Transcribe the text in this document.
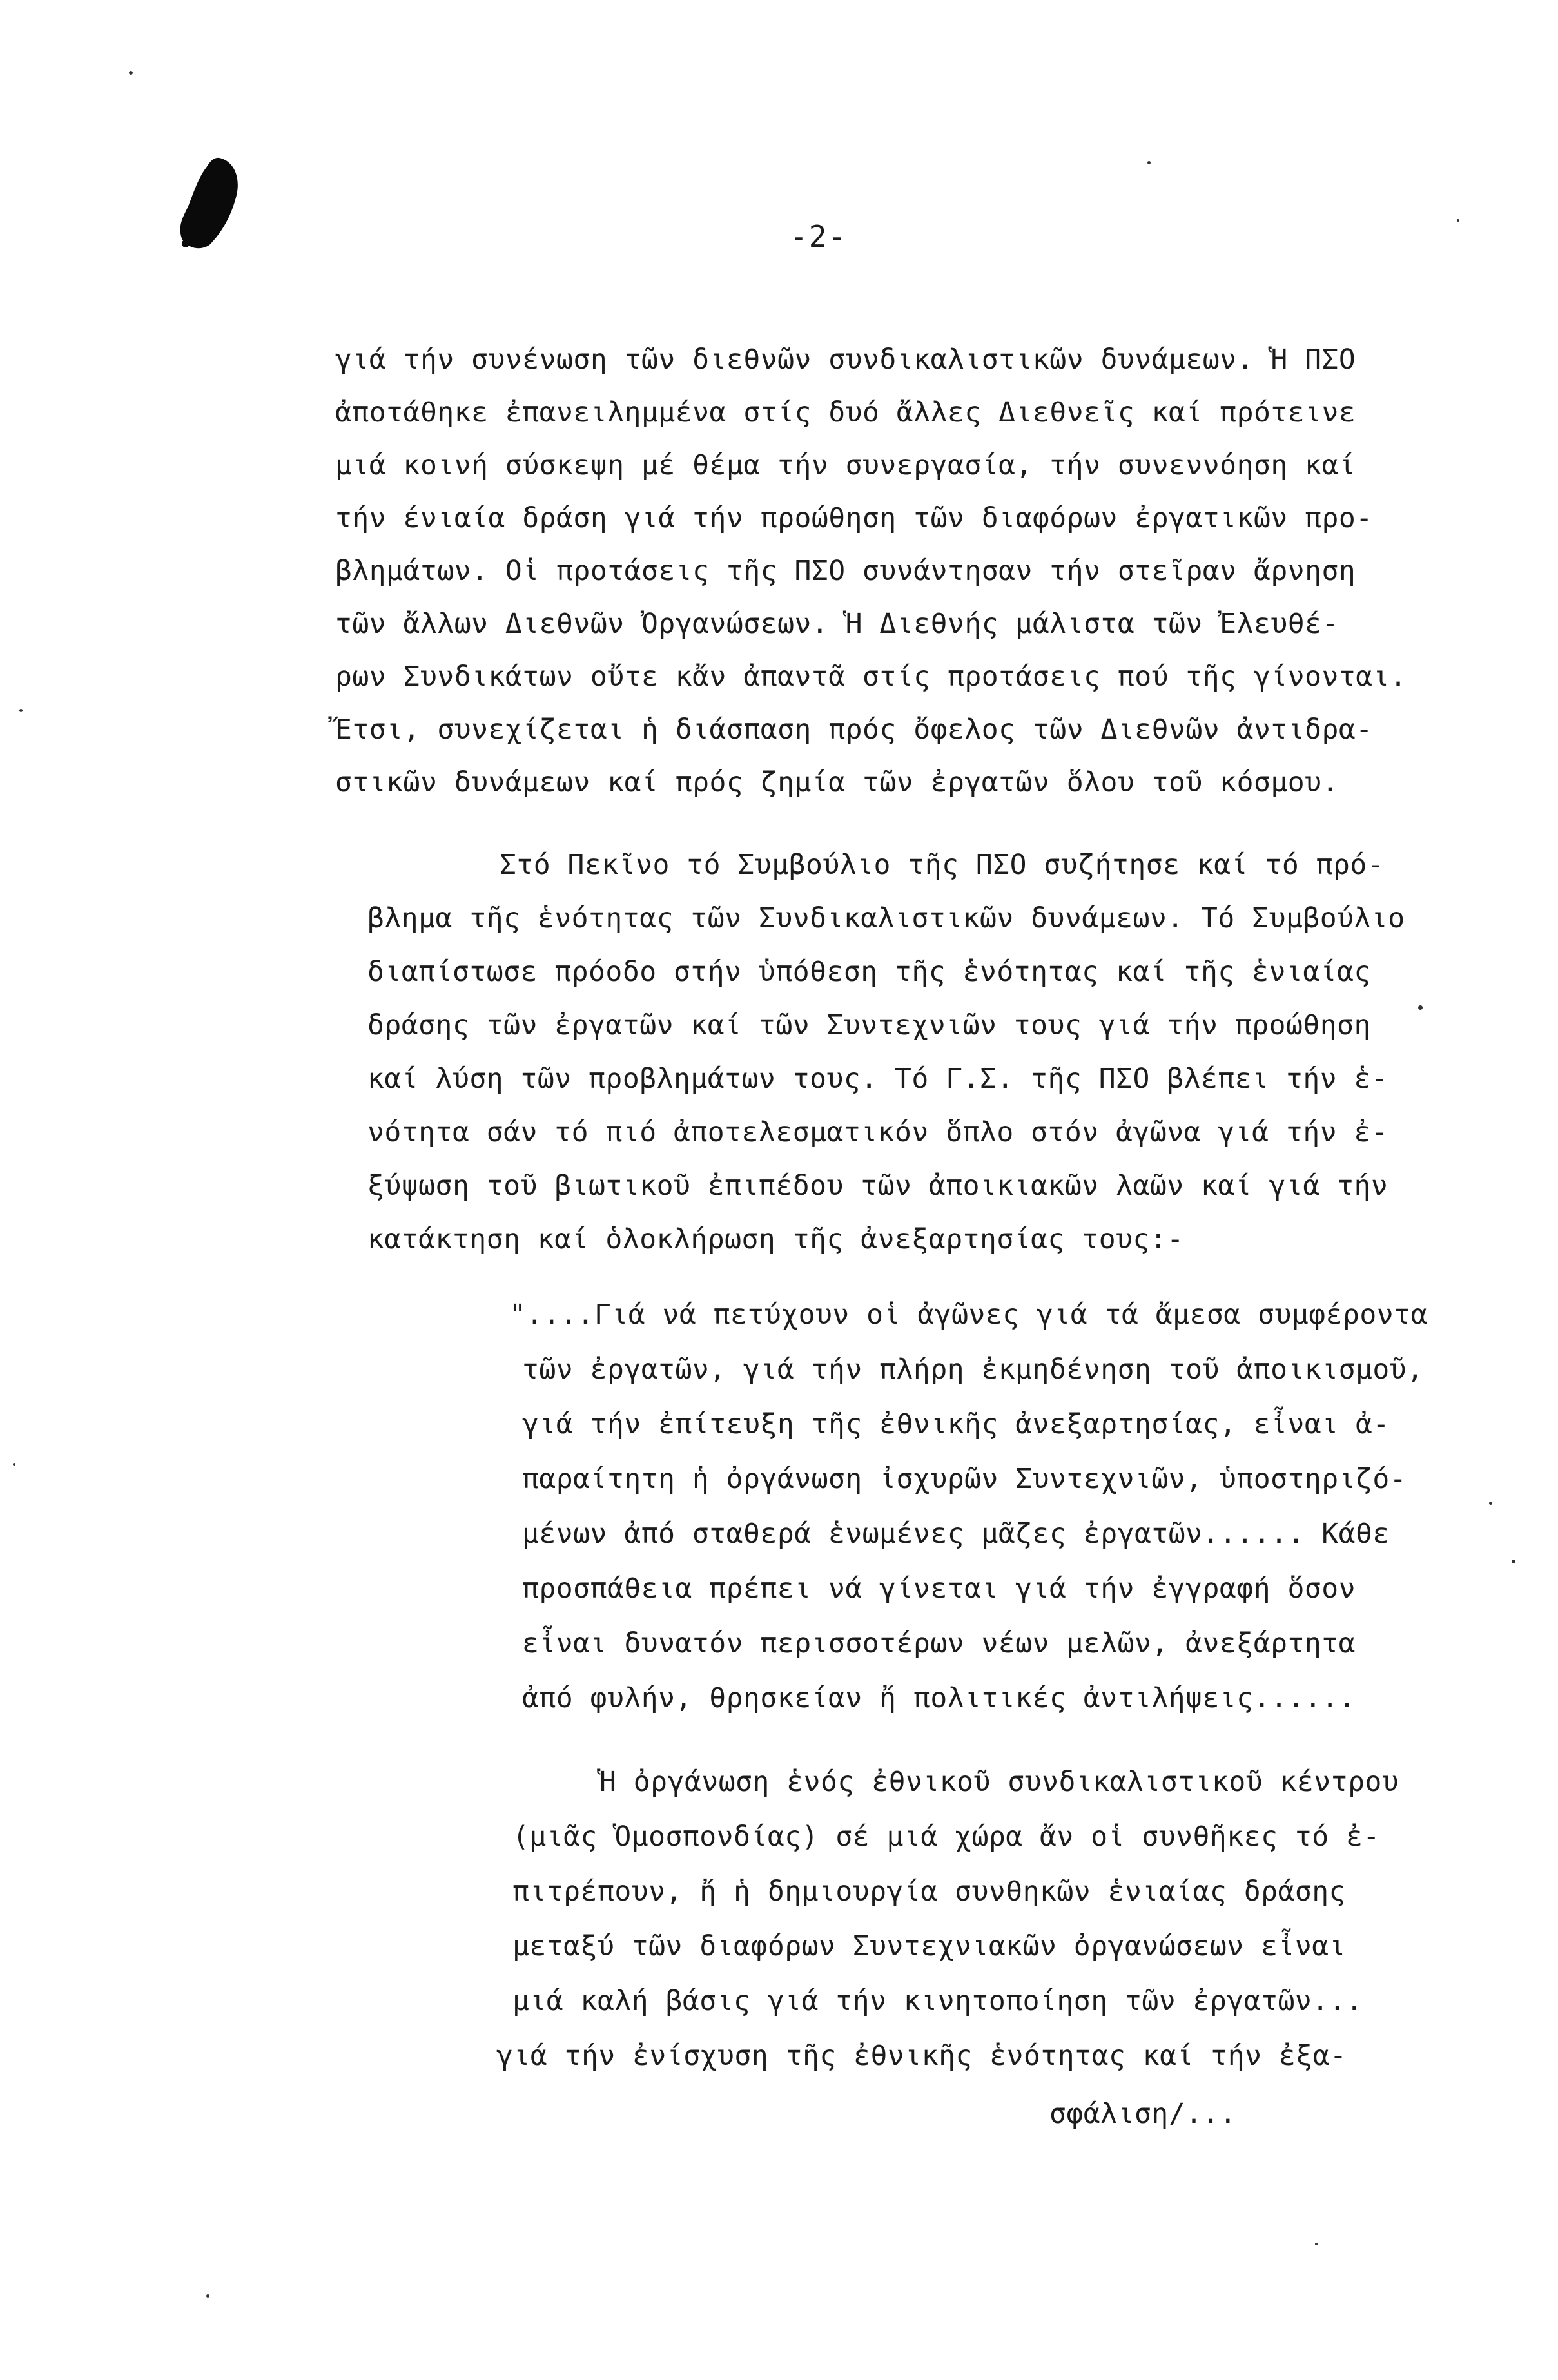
-2-
γιά τήν συνένωση τῶν διεθνῶν συνδικαλιστικῶν δυνάμεων. Ἡ ΠΣΟ
ἀποτάθηκε ἐπανειλημμένα στίς δυό ἄλλες Διεθνεῖς καί πρότεινε
μιά κοινή σύσκεψη μέ θέμα τήν συνεργασία, τήν συνεννόηση καί
τήν ένιαία δράση γιά τήν προώθηση τῶν διαφόρων ἐργατικῶν προ-
βλημάτων. Οἱ προτάσεις τῆς ΠΣΟ συνάντησαν τήν στεῖραν ἄρνηση
τῶν ἄλλων Διεθνῶν Ὀργανώσεων. Ἡ Διεθνής μάλιστα τῶν Ἐλευθέ-
ρων Συνδικάτων οὔτε κἄν ἀπαντᾶ στίς προτάσεις πού τῆς γίνονται.
Ἔτσι, συνεχίζεται ἡ διάσπαση πρός ὄφελος τῶν Διεθνῶν ἀντιδρα-
στικῶν δυνάμεων καί πρός ζημία τῶν ἐργατῶν ὅλου τοῦ κόσμου.
Στό Πεκῖνο τό Συμβούλιο τῆς ΠΣΟ συζήτησε καί τό πρό-
βλημα τῆς ἑνότητας τῶν Συνδικαλιστικῶν δυνάμεων. Τό Συμβούλιο
διαπίστωσε πρόοδο στήν ὑπόθεση τῆς ἑνότητας καί τῆς ἑνιαίας
δράσης τῶν ἐργατῶν καί τῶν Συντεχνιῶν τους γιά τήν προώθηση
καί λύση τῶν προβλημάτων τους. Τό Γ.Σ. τῆς ΠΣΟ βλέπει τήν ἑ-
νότητα σάν τό πιό ἀποτελεσματικόν ὅπλο στόν ἀγῶνα γιά τήν ἐ-
ξύψωση τοῦ βιωτικοῦ ἐπιπέδου τῶν ἀποικιακῶν λαῶν καί γιά τήν
κατάκτηση καί ὁλοκλήρωση τῆς ἀνεξαρτησίας τους:-
"....Γιά νά πετύχουν οἱ ἀγῶνες γιά τά ἄμεσα συμφέροντα
τῶν ἐργατῶν, γιά τήν πλήρη ἐκμηδένηση τοῦ ἀποικισμοῦ,
γιά τήν ἐπίτευξη τῆς ἐθνικῆς ἀνεξαρτησίας, εἶναι ἀ-
παραίτητη ἡ ὀργάνωση ἰσχυρῶν Συντεχνιῶν, ὑποστηριζό-
μένων ἀπό σταθερά ἑνωμένες μᾶζες ἐργατῶν...... Κάθε
προσπάθεια πρέπει νά γίνεται γιά τήν ἐγγραφή ὅσον
εἶναι δυνατόν περισσοτέρων νέων μελῶν, ἀνεξάρτητα
ἀπό φυλήν, θρησκείαν ἤ πολιτικές ἀντιλήψεις......
Ἡ ὀργάνωση ἑνός ἐθνικοῦ συνδικαλιστικοῦ κέντρου
(μιᾶς Ὁμοσπονδίας) σέ μιά χώρα ἄν οἱ συνθῆκες τό ἐ-
πιτρέπουν, ἤ ἡ δημιουργία συνθηκῶν ἑνιαίας δράσης
μεταξύ τῶν διαφόρων Συντεχνιακῶν ὀργανώσεων εἶναι
μιά καλή βάσις γιά τήν κινητοποίηση τῶν ἐργατῶν...
γιά τήν ἐνίσχυση τῆς ἐθνικῆς ἑνότητας καί τήν ἐξα-
σφάλιση/...
